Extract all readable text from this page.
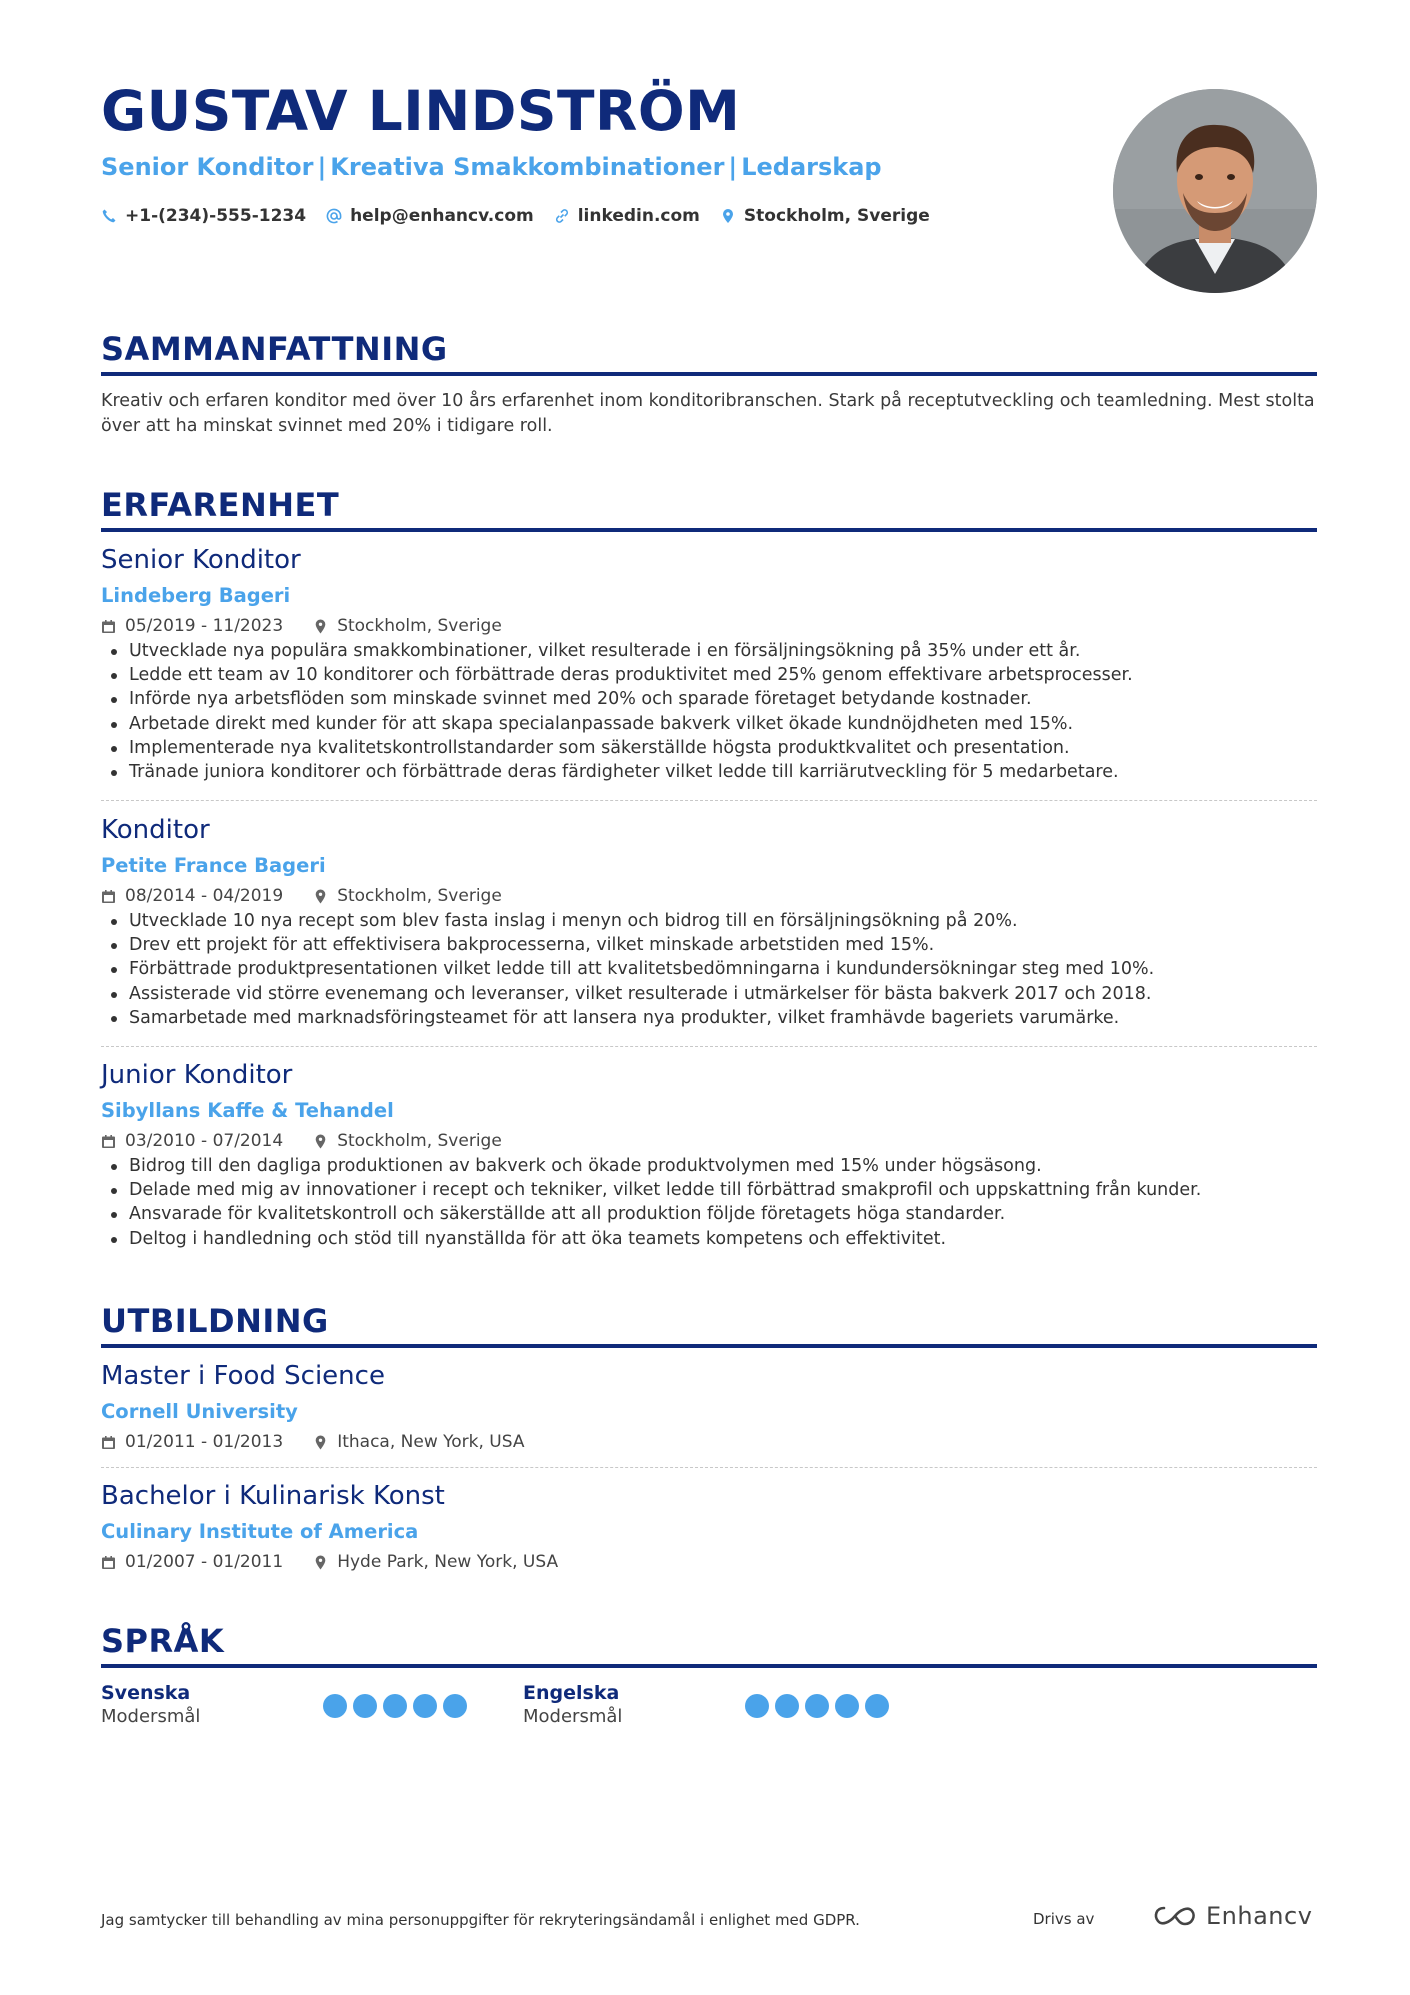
GUSTAV LINDSTRÖM
Senior Konditor | Kreativa Smakkombinationer | Ledarskap
+1-(234)-555-1234	help@enhancv.com	linkedin.com	Stockholm, Sverige
SAMMANFATTNING
Kreativ och erfaren konditor med över 10 års erfarenhet inom konditoribranschen. Stark på receptutveckling och teamledning. Mest stolta över att ha minskat svinnet med 20% i tidigare roll.
ERFARENHET
Senior Konditor
Lindeberg Bageri
05/2019 - 11/2023	Stockholm, Sverige
Utvecklade nya populära smakkombinationer, vilket resulterade i en försäljningsökning på 35% under ett år.
Ledde ett team av 10 konditorer och förbättrade deras produktivitet med 25% genom effektivare arbetsprocesser.
Införde nya arbetsflöden som minskade svinnet med 20% och sparade företaget betydande kostnader.
Arbetade direkt med kunder för att skapa specialanpassade bakverk vilket ökade kundnöjdheten med 15%.
Implementerade nya kvalitetskontrollstandarder som säkerställde högsta produktkvalitet och presentation.
Tränade juniora konditorer och förbättrade deras färdigheter vilket ledde till karriärutveckling för 5 medarbetare.
Konditor
Petite France Bageri
08/2014 - 04/2019	Stockholm, Sverige
Utvecklade 10 nya recept som blev fasta inslag i menyn och bidrog till en försäljningsökning på 20%.
Drev ett projekt för att effektivisera bakprocesserna, vilket minskade arbetstiden med 15%.
Förbättrade produktpresentationen vilket ledde till att kvalitetsbedömningarna i kundundersökningar steg med 10%.
Assisterade vid större evenemang och leveranser, vilket resulterade i utmärkelser för bästa bakverk 2017 och 2018.
Samarbetade med marknadsföringsteamet för att lansera nya produkter, vilket framhävde bageriets varumärke.
Junior Konditor
Sibyllans Kaffe & Tehandel
03/2010 - 07/2014	Stockholm, Sverige
Bidrog till den dagliga produktionen av bakverk och ökade produktvolymen med 15% under högsäsong.
Delade med mig av innovationer i recept och tekniker, vilket ledde till förbättrad smakprofil och uppskattning från kunder.
Ansvarade för kvalitetskontroll och säkerställde att all produktion följde företagets höga standarder.
Deltog i handledning och stöd till nyanställda för att öka teamets kompetens och effektivitet.
UTBILDNING
Master i Food Science
Cornell University
01/2011 - 01/2013	Ithaca, New York, USA
Bachelor i Kulinarisk Konst
Culinary Institute of America
01/2007 - 01/2011	Hyde Park, New York, USA
SPRÅK
Svenska
Modersmål
Engelska
Modersmål
Jag samtycker till behandling av mina personuppgifter för rekryteringsändamål i enlighet med GDPR.	Drivs av	Enhancv
